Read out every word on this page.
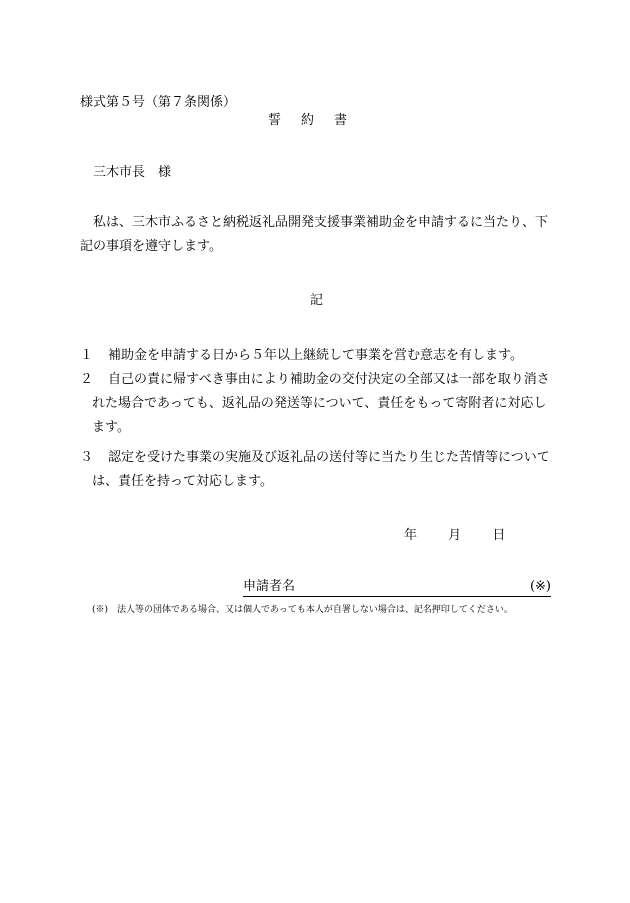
様式第５号（第７条関係）
誓約書
三木市長　様
私は、三木市ふるさと納税返礼品開発支援事業補助金を申請するに当たり、下記の事項を遵守します。
記
１	補助金を申請する日から５年以上継続して事業を営む意志を有します。
２	自己の責に帰すべき事由により補助金の交付決定の全部又は一部を取り消された場合であっても、返礼品の発送等について、責任をもって寄附者に対応します。
３	認定を受けた事業の実施及び返礼品の送付等に当たり生じた苦情等については、責任を持って対応します。
年 月 日
申請者名	(※)
(※)　法人等の団体である場合、又は個人であっても本人が自署しない場合は、記名押印してください。
